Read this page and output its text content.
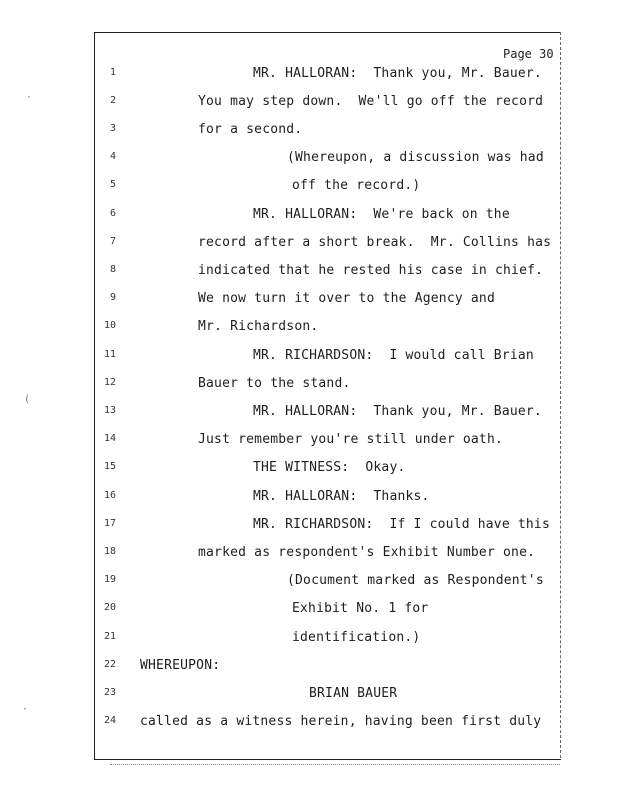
·
(
·
Page 30
1
2
3
4
5
6
7
8
9
10
11
12
13
14
15
16
17
18
19
20
21
22
23
24
MR. HALLORAN:  Thank you, Mr. Bauer.
You may step down.  We'll go off the record
for a second.
(Whereupon, a discussion was had
off the record.)
MR. HALLORAN:  We're back on the
record after a short break.  Mr. Collins has
indicated that he rested his case in chief.
We now turn it over to the Agency and
Mr. Richardson.
MR. RICHARDSON:  I would call Brian
Bauer to the stand.
MR. HALLORAN:  Thank you, Mr. Bauer.
Just remember you're still under oath.
THE WITNESS:  Okay.
MR. HALLORAN:  Thanks.
MR. RICHARDSON:  If I could have this
marked as respondent's Exhibit Number one.
(Document marked as Respondent's
Exhibit No. 1 for
identification.)
WHEREUPON:
BRIAN BAUER
called as a witness herein, having been first duly
